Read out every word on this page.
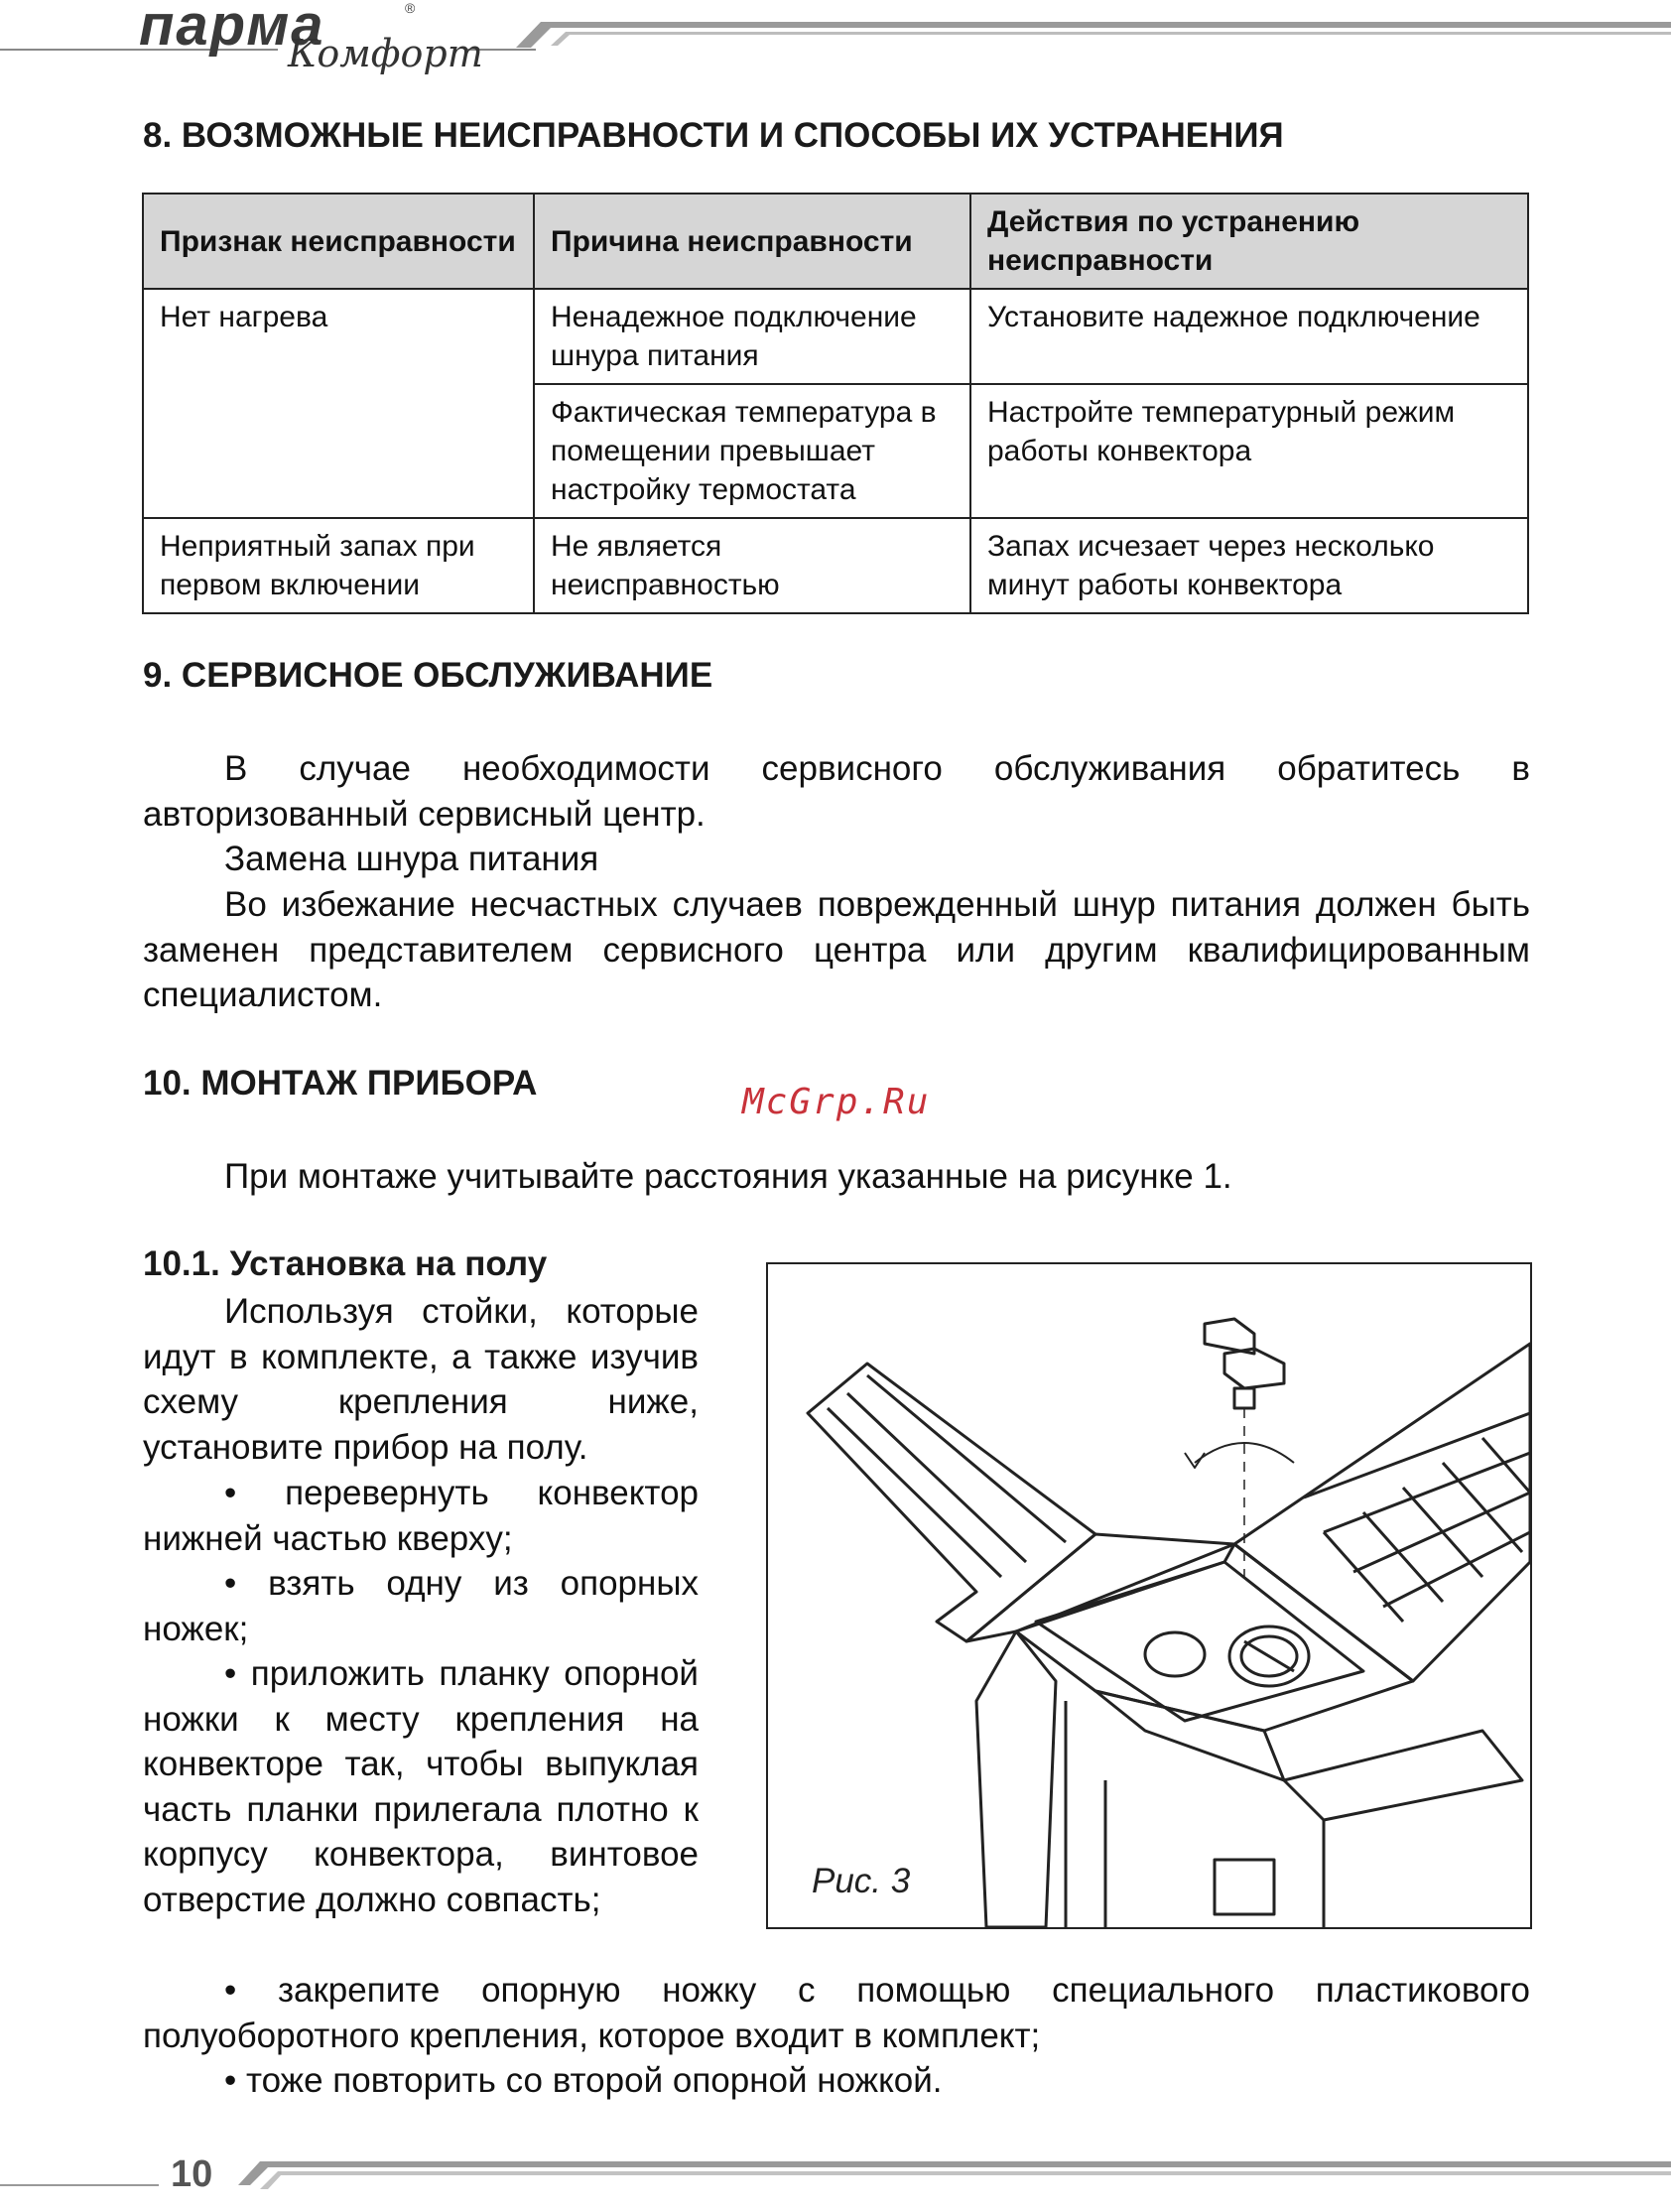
парма	®
Комфорт
8. ВОЗМОЖНЫЕ НЕИСПРАВНОСТИ И СПОСОБЫ ИХ УСТРАНЕНИЯ
Признак неисправности	Причина неисправности	Действия по устранению неисправности
Нет нагрева	Ненадежное подключение шнура питания	Установите надежное подключение
	Фактическая температура в помещении превышает настройку термостата	Настройте температурный режим работы конвектора
Неприятный запах при первом включении	Не является неисправностью	Запах исчезает через несколько минут работы конвектора
9. СЕРВИСНОЕ ОБСЛУЖИВАНИЕ

В случае необходимости сервисного обслуживания обратитесь в авторизованный сервисный центр.

Замена шнура питания

Во избежание несчастных случаев поврежденный шнур питания должен быть заменен представителем сервисного центра или другим квалифицированным специалистом.

10. МОНТАЖ ПРИБОРА	McGrp.Ru

При монтаже учитывайте расстояния указанные на рисунке 1.

10.1. Установка на полу

Используя стойки, которые идут в комплекте, а также изучив схему крепления ниже, установите прибор на полу.

• перевернуть конвектор нижней частью кверху;

• взять одну из опорных ножек;

• приложить планку опорной ножки к месту крепления на конвекторе так, чтобы выпуклая часть планки прилегала плотно к корпусу конвектора, винтовое отверстие должно совпасть;

• закрепите опорную ножку с помощью специального пластикового полуоборотного крепления, которое входит в комплект;

• тоже повторить со второй опорной ножкой.

Рис. 3
10
